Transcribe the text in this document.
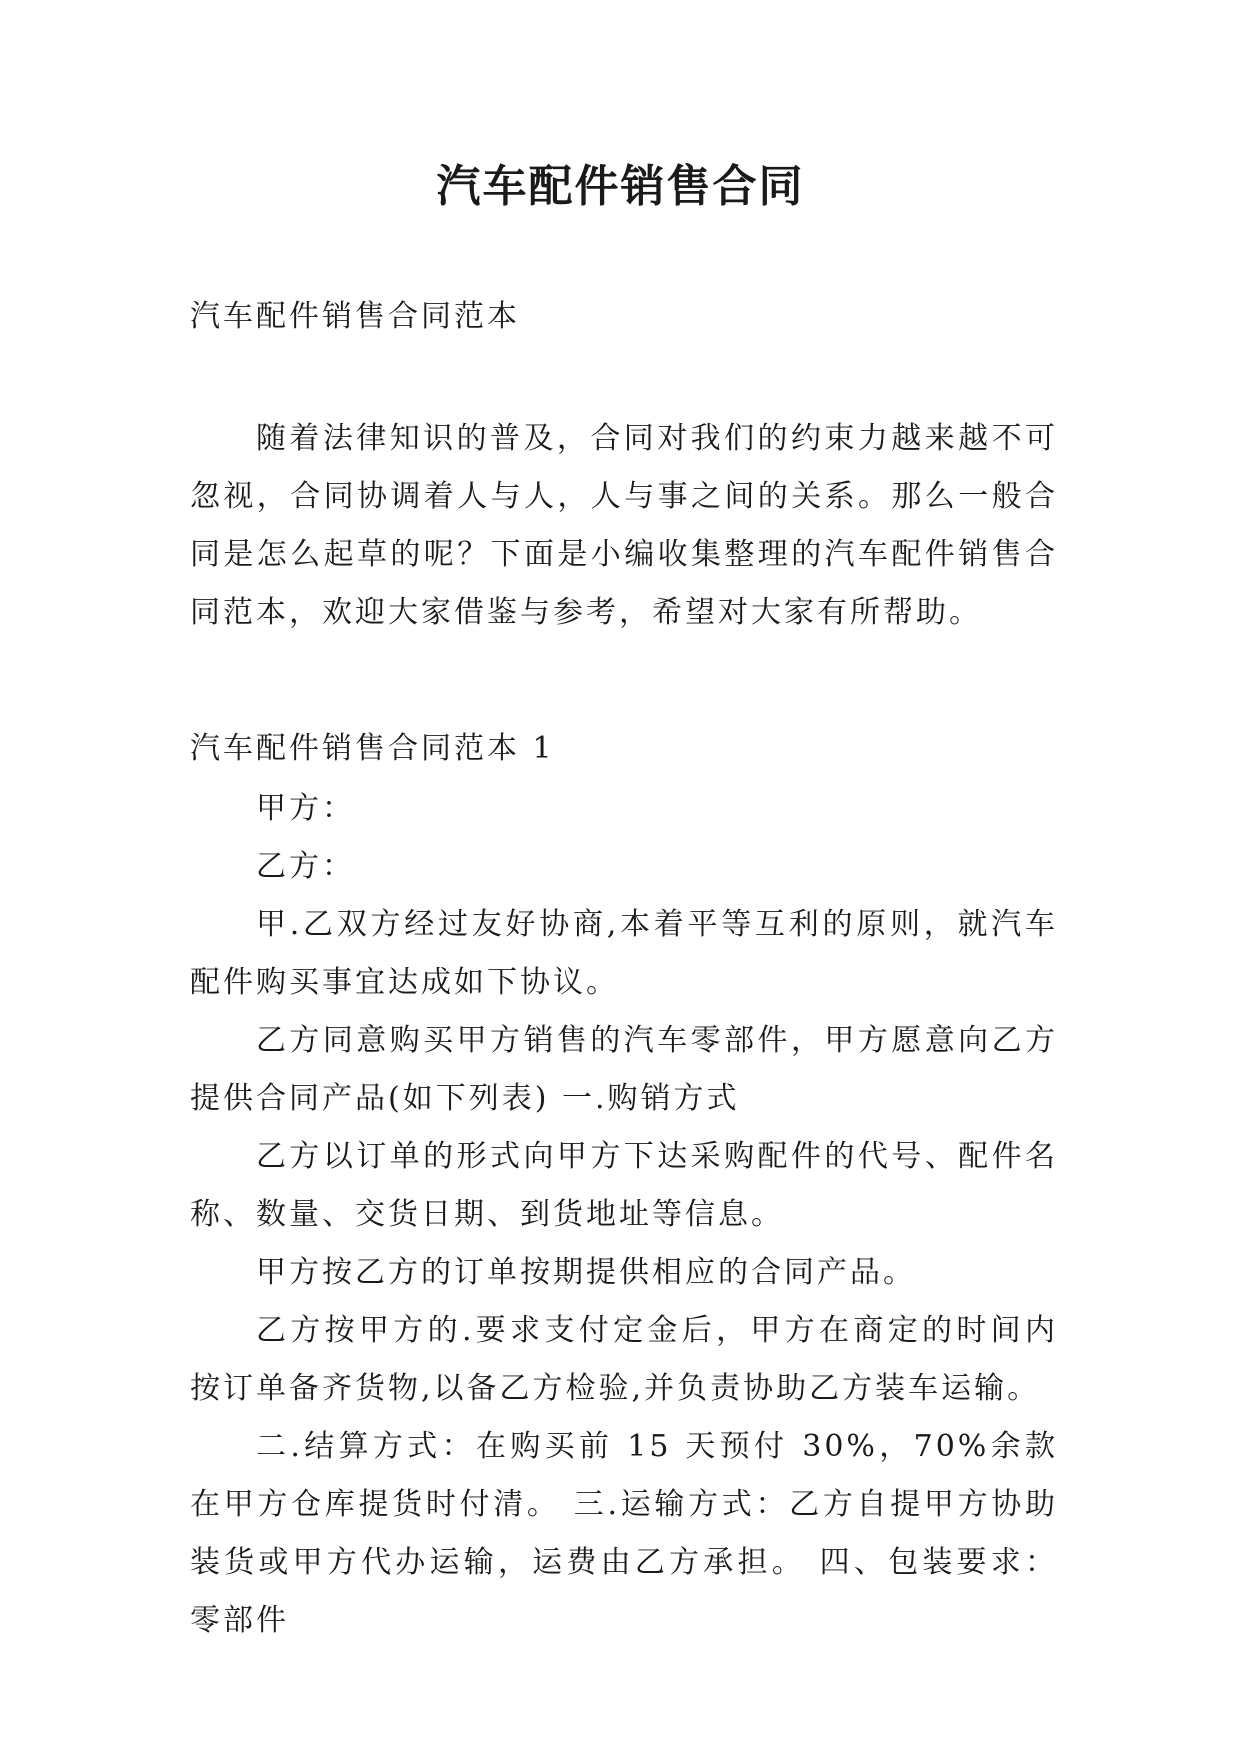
汽车配件销售合同

汽车配件销售合同范本

随着法律知识的普及，合同对我们的约束力越来越不可忽视，合同协调着人与人，人与事之间的关系。那么一般合同是怎么起草的呢？下面是小编收集整理的汽车配件销售合同范本，欢迎大家借鉴与参考，希望对大家有所帮助。

汽车配件销售合同范本 1

甲方：

乙方：

甲.乙双方经过友好协商,本着平等互利的原则，就汽车配件购买事宜达成如下协议。

乙方同意购买甲方销售的汽车零部件，甲方愿意向乙方提供合同产品(如下列表) 一.购销方式

乙方以订单的形式向甲方下达采购配件的代号、配件名称、数量、交货日期、到货地址等信息。

甲方按乙方的订单按期提供相应的合同产品。

乙方按甲方的.要求支付定金后，甲方在商定的时间内按订单备齐货物,以备乙方检验,并负责协助乙方装车运输。

二.结算方式：在购买前 15 天预付 30%，70%余款在甲方仓库提货时付清。 三.运输方式：乙方自提甲方协助装货或甲方代办运输，运费由乙方承担。 四、包装要求：零部件
